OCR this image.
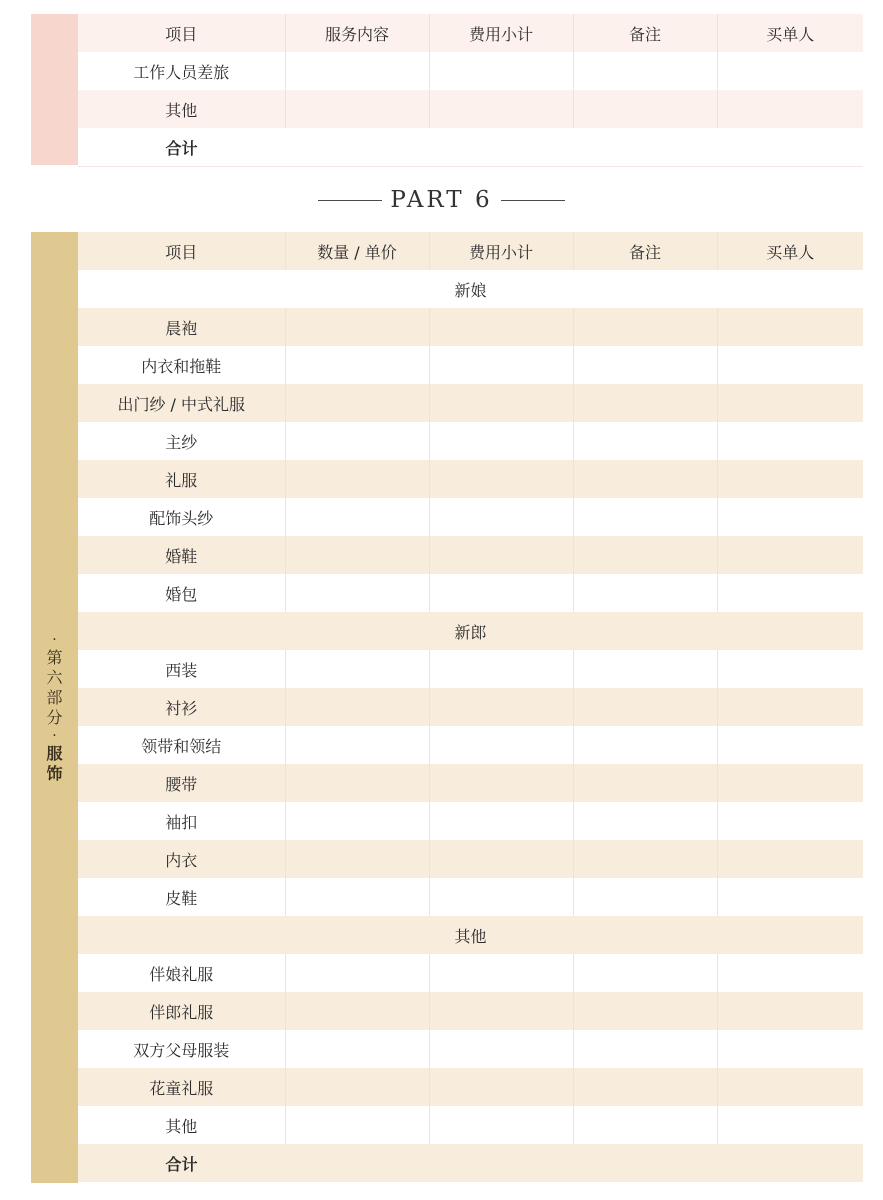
项目	服务内容	费用小计	备注	买单人
工作人员差旅				
其他				
合计				
PART 6
·
第
六
部
分
·
服
饰
项目	数量 / 单价	费用小计	备注	买单人
新娘				
晨袍				
内衣和拖鞋				
出门纱 / 中式礼服				
主纱				
礼服				
配饰头纱				
婚鞋				
婚包				
新郎				
西装				
衬衫				
领带和领结				
腰带				
袖扣				
内衣				
皮鞋				
其他				
伴娘礼服				
伴郎礼服				
双方父母服装				
花童礼服				
其他				
合计				
